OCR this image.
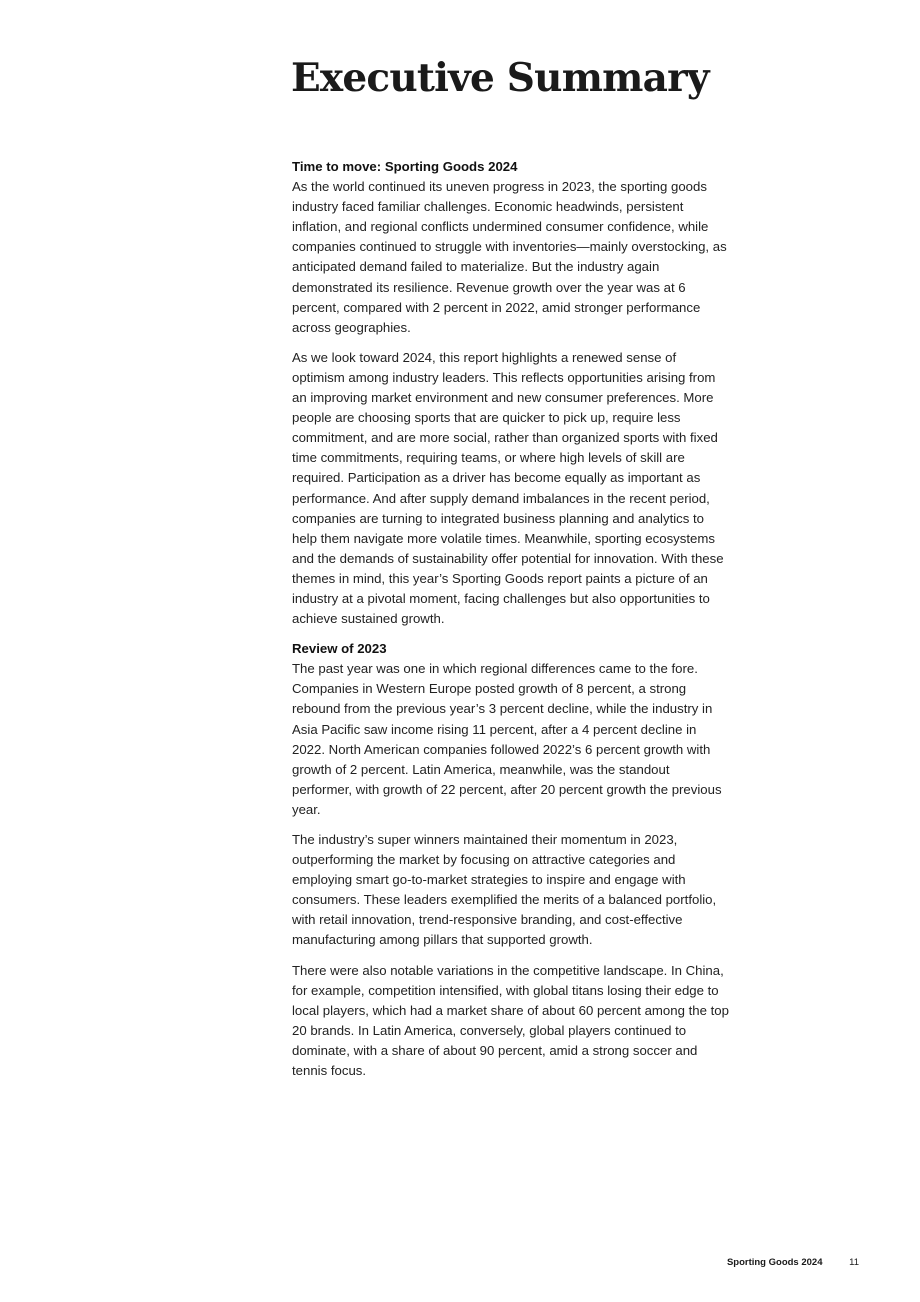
Executive Summary
Time to move: Sporting Goods 2024

As the world continued its uneven progress in 2023, the sporting goods industry faced familiar challenges. Economic headwinds, persistent inflation, and regional conflicts undermined consumer confidence, while companies continued to struggle with inventories—mainly overstocking, as anticipated demand failed to materialize. But the industry again demonstrated its resilience. Revenue growth over the year was at 6 percent, compared with 2 percent in 2022, amid stronger performance across geographies.

As we look toward 2024, this report highlights a renewed sense of optimism among industry leaders. This reflects opportunities arising from an improving market environment and new consumer preferences. More people are choosing sports that are quicker to pick up, require less commitment, and are more social, rather than organized sports with fixed time commitments, requiring teams, or where high levels of skill are required. Participation as a driver has become equally as important as performance. And after supply demand imbalances in the recent period, companies are turning to integrated business planning and analytics to help them navigate more volatile times. Meanwhile, sporting ecosystems and the demands of sustainability offer potential for innovation. With these themes in mind, this year’s Sporting Goods report paints a picture of an industry at a pivotal moment, facing challenges but also opportunities to achieve sustained growth.

Review of 2023

The past year was one in which regional differences came to the fore. Companies in Western Europe posted growth of 8 percent, a strong rebound from the previous year’s 3 percent decline, while the industry in Asia Pacific saw income rising 11 percent, after a 4 percent decline in 2022. North American companies followed 2022’s 6 percent growth with growth of 2 percent. Latin America, meanwhile, was the standout performer, with growth of 22 percent, after 20 percent growth the previous year.

The industry’s super winners maintained their momentum in 2023, outperforming the market by focusing on attractive categories and employing smart go-to-market strategies to inspire and engage with consumers. These leaders exemplified the merits of a balanced portfolio, with retail innovation, trend-responsive branding, and cost-effective manufacturing among pillars that supported growth.

There were also notable variations in the competitive landscape. In China, for example, competition intensified, with global titans losing their edge to local players, which had a market share of about 60 percent among the top 20 brands. In Latin America, conversely, global players continued to dominate, with a share of about 90 percent, amid a strong soccer and tennis focus.

Sporting Goods 2024	11
